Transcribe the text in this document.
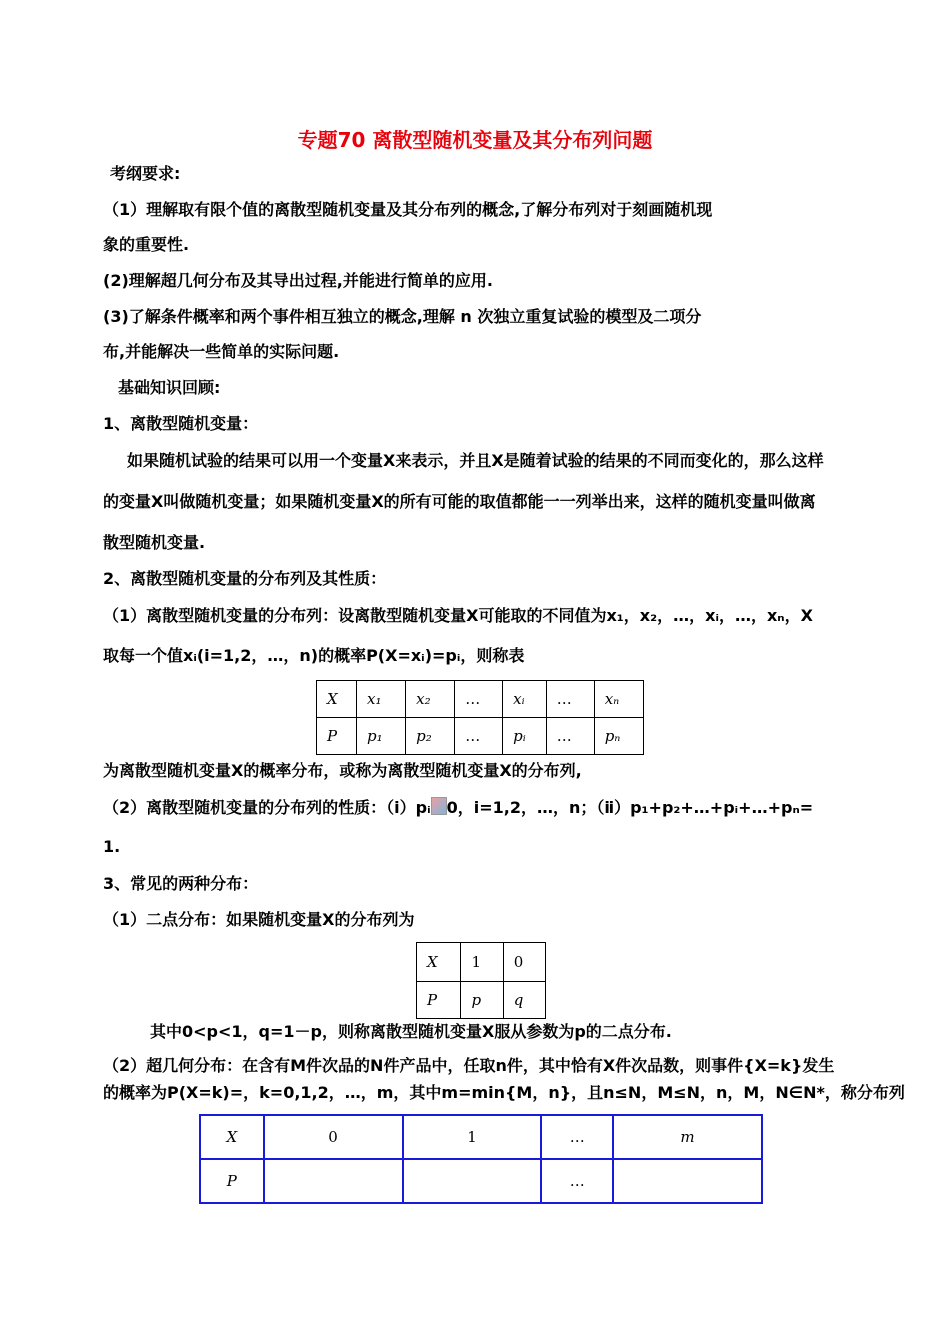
专题70 离散型随机变量及其分布列问题
考纲要求:
（1）理解取有限个值的离散型随机变量及其分布列的概念,了解分布列对于刻画随机现
象的重要性.
(2)理解超几何分布及其导出过程,并能进行简单的应用.
(3)了解条件概率和两个事件相互独立的概念,理解 n 次独立重复试验的模型及二项分
布,并能解决一些简单的实际问题.
基础知识回顾:
1、离散型随机变量：
如果随机试验的结果可以用一个变量X来表示，并且X是随着试验的结果的不同而变化的，那么这样
的变量X叫做随机变量；如果随机变量X的所有可能的取值都能一一列举出来，这样的随机变量叫做离
散型随机变量.
2、离散型随机变量的分布列及其性质：
（1）离散型随机变量的分布列：设离散型随机变量X可能取的不同值为x₁，x₂，…，xᵢ，…，xₙ，X
取每一个值xᵢ(i=1,2，…，n)的概率P(X=xᵢ)=pᵢ，则称表
X	x₁	x₂	…	xᵢ	…	xₙ
P	p₁	p₂	…	pᵢ	…	pₙ
为离散型随机变量X的概率分布，或称为离散型随机变量X的分布列,
（2）离散型随机变量的分布列的性质：（ⅰ）pᵢ 0，i=1,2，…，n；（ⅱ）p₁+p₂+…+pᵢ+…+pₙ=
1.
3、常见的两种分布：
（1）二点分布：如果随机变量X的分布列为
X	1	0
P	p	q
其中0<p<1，q=1－p，则称离散型随机变量X服从参数为p的二点分布.
（2）超几何分布：在含有M件次品的N件产品中，任取n件，其中恰有X件次品数，则事件{X=k}发生
的概率为P(X=k)=，k=0,1,2，…，m，其中m=min{M，n}，且n≤N，M≤N，n，M，N∈N*，称分布列
X	0	1	…	m
P			…	
